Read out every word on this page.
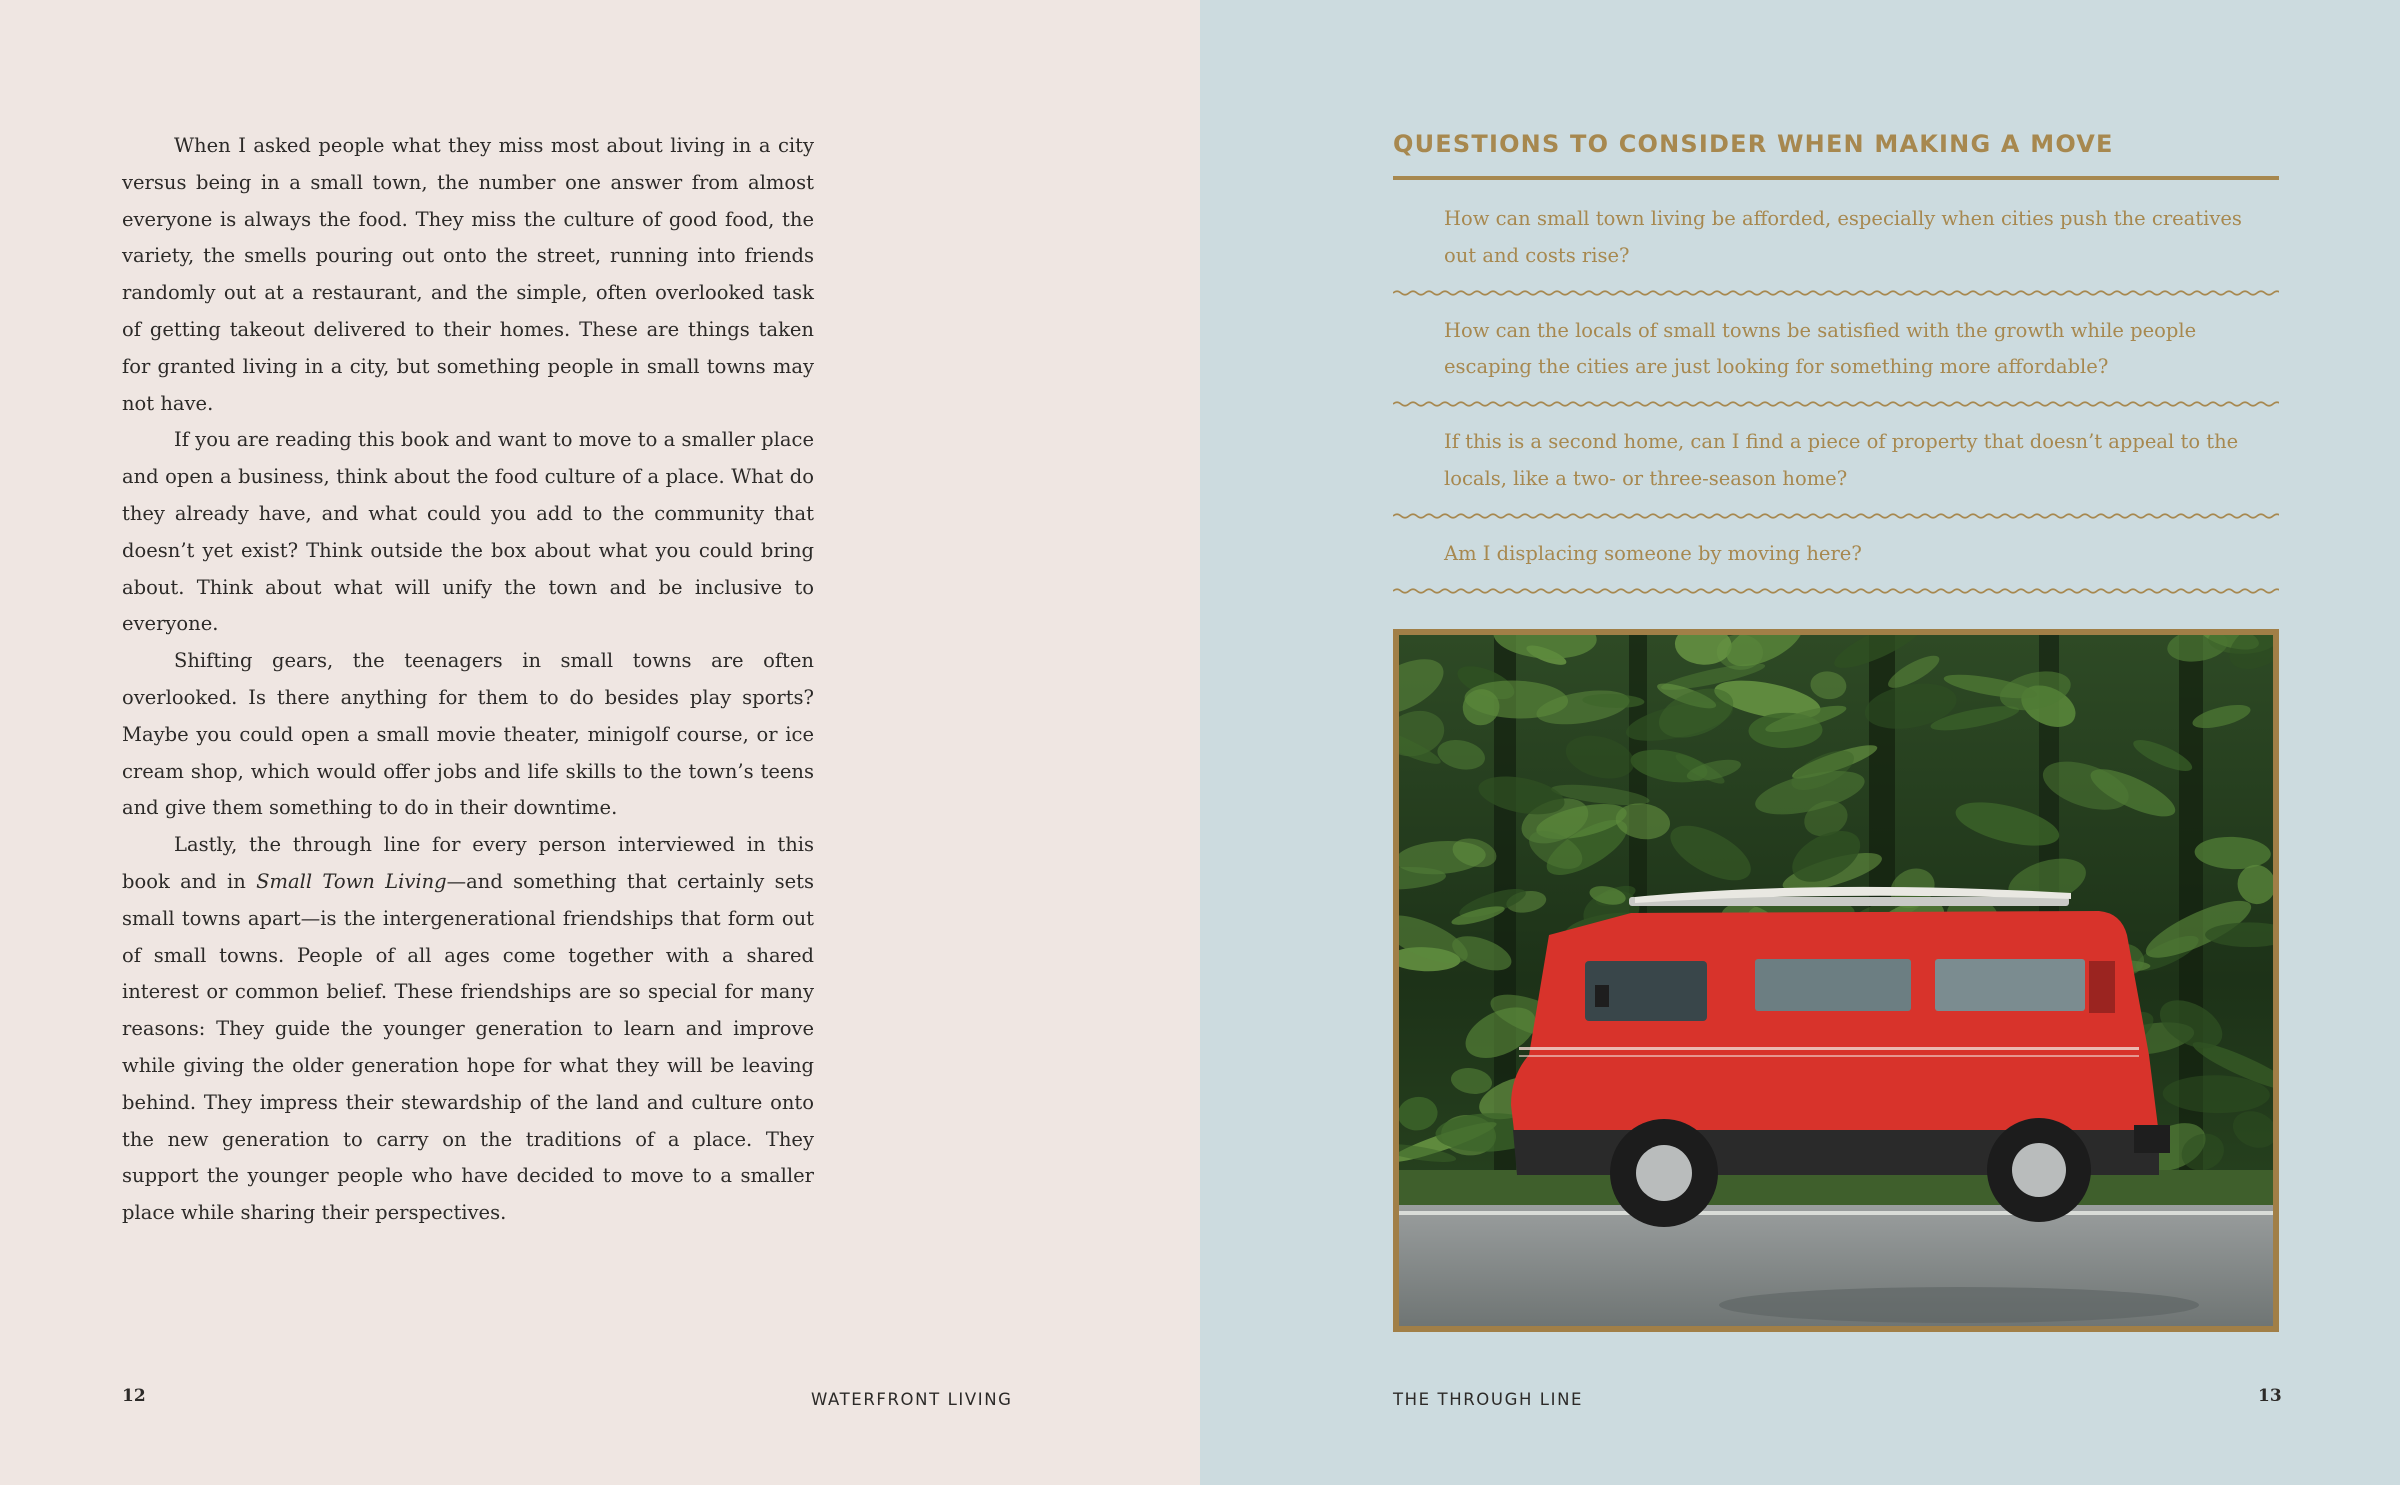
When I asked people what they miss most about living in a city versus being in a small town, the number one answer from almost everyone is always the food. They miss the culture of good food, the variety, the smells pouring out onto the street, running into friends randomly out at a restaurant, and the simple, often overlooked task of getting takeout delivered to their homes. These are things taken for granted living in a city, but something people in small towns may not have.

If you are reading this book and want to move to a smaller place and open a business, think about the food culture of a place. What do they already have, and what could you add to the community that doesn’t yet exist? Think outside the box about what you could bring about. Think about what will unify the town and be inclusive to everyone.

Shifting gears, the teenagers in small towns are often overlooked. Is there anything for them to do besides play sports? Maybe you could open a small movie theater, minigolf course, or ice cream shop, which would offer jobs and life skills to the town’s teens and give them something to do in their downtime.

Lastly, the through line for every person interviewed in this book and in Small Town Living—and something that certainly sets small towns apart—is the intergenerational friendships that form out of small towns. People of all ages come together with a shared interest or common belief. These friendships are so special for many reasons: They guide the younger generation to learn and improve while giving the older generation hope for what they will be leaving behind. They impress their stewardship of the land and culture onto the new generation to carry on the traditions of a place. They support the younger people who have decided to move to a smaller place while sharing their perspectives.

12	WATERFRONT LIVING
QUESTIONS TO CONSIDER WHEN MAKING A MOVE
How can small town living be afforded, especially when cities push the creatives out and costs rise?
How can the locals of small towns be satisfied with the growth while people escaping the cities are just looking for something more affordable?
If this is a second home, can I find a piece of property that doesn’t appeal to the locals, like a two- or three-season home?
Am I displacing someone by moving here?
THE THROUGH LINE	13
